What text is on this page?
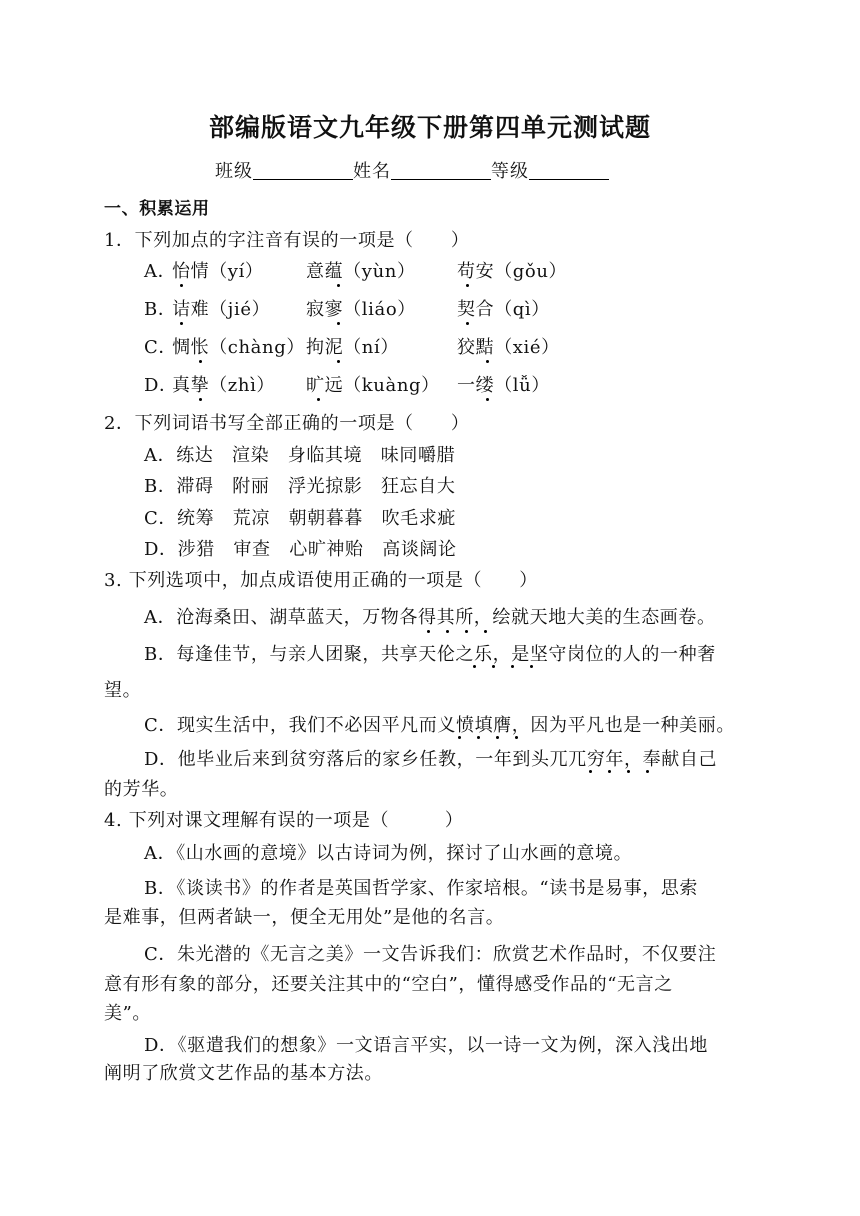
部编版语文九年级下册第四单元测试题
班级	姓名	等级
一、积累运用
1．下列加点的字注音有误的一项是（　　）
A．
怡情（yí） 意蕴（yùn） 苟安（gǒu）
B．
诘难（jié） 寂寥（liáo） 契合（qì）
C．
惆怅（chàng） 拘泥（ní）	狡黠（xié）
D．
真挚（zhì） 旷远（kuàng） 一缕（lǚ）
2．下列词语书写全部正确的一项是（　　）
A．练达　渲染　身临其境　味同嚼腊
B．滞碍　附丽　浮光掠影　狂忘自大
C．统筹　荒凉　朝朝暮暮　吹毛求疵
D．涉猎　审查　心旷神贻　高谈阔论
3. 下列选项中，加点成语使用正确的一项是（　　）
A．沧海桑田、湖草蓝天，万物各得其所，绘就天地大美的生态画卷。
B．每逢佳节，与亲人团聚，共享天伦之乐，是坚守岗位的人的一种奢
望。
C．现实生活中，我们不必因平凡而义愤填膺，因为平凡也是一种美丽。
D．他毕业后来到贫穷落后的家乡任教，一年到头兀兀穷年，奉献自己
的芳华。
4. 下列对课文理解有误的一项是（　　　）
A．《山水画的意境》以古诗词为例，探讨了山水画的意境。
B．《谈读书》的作者是英国哲学家、作家培根。“读书是易事，思索
是难事，但两者缺一，便全无用处”是他的名言。
C．朱光潜的《无言之美》一文告诉我们：欣赏艺术作品时，不仅要注
意有形有象的部分，还要关注其中的“空白”，懂得感受作品的“无言之
美”。
D．《驱遣我们的想象》一文语言平实，以一诗一文为例，深入浅出地
阐明了欣赏文艺作品的基本方法。
